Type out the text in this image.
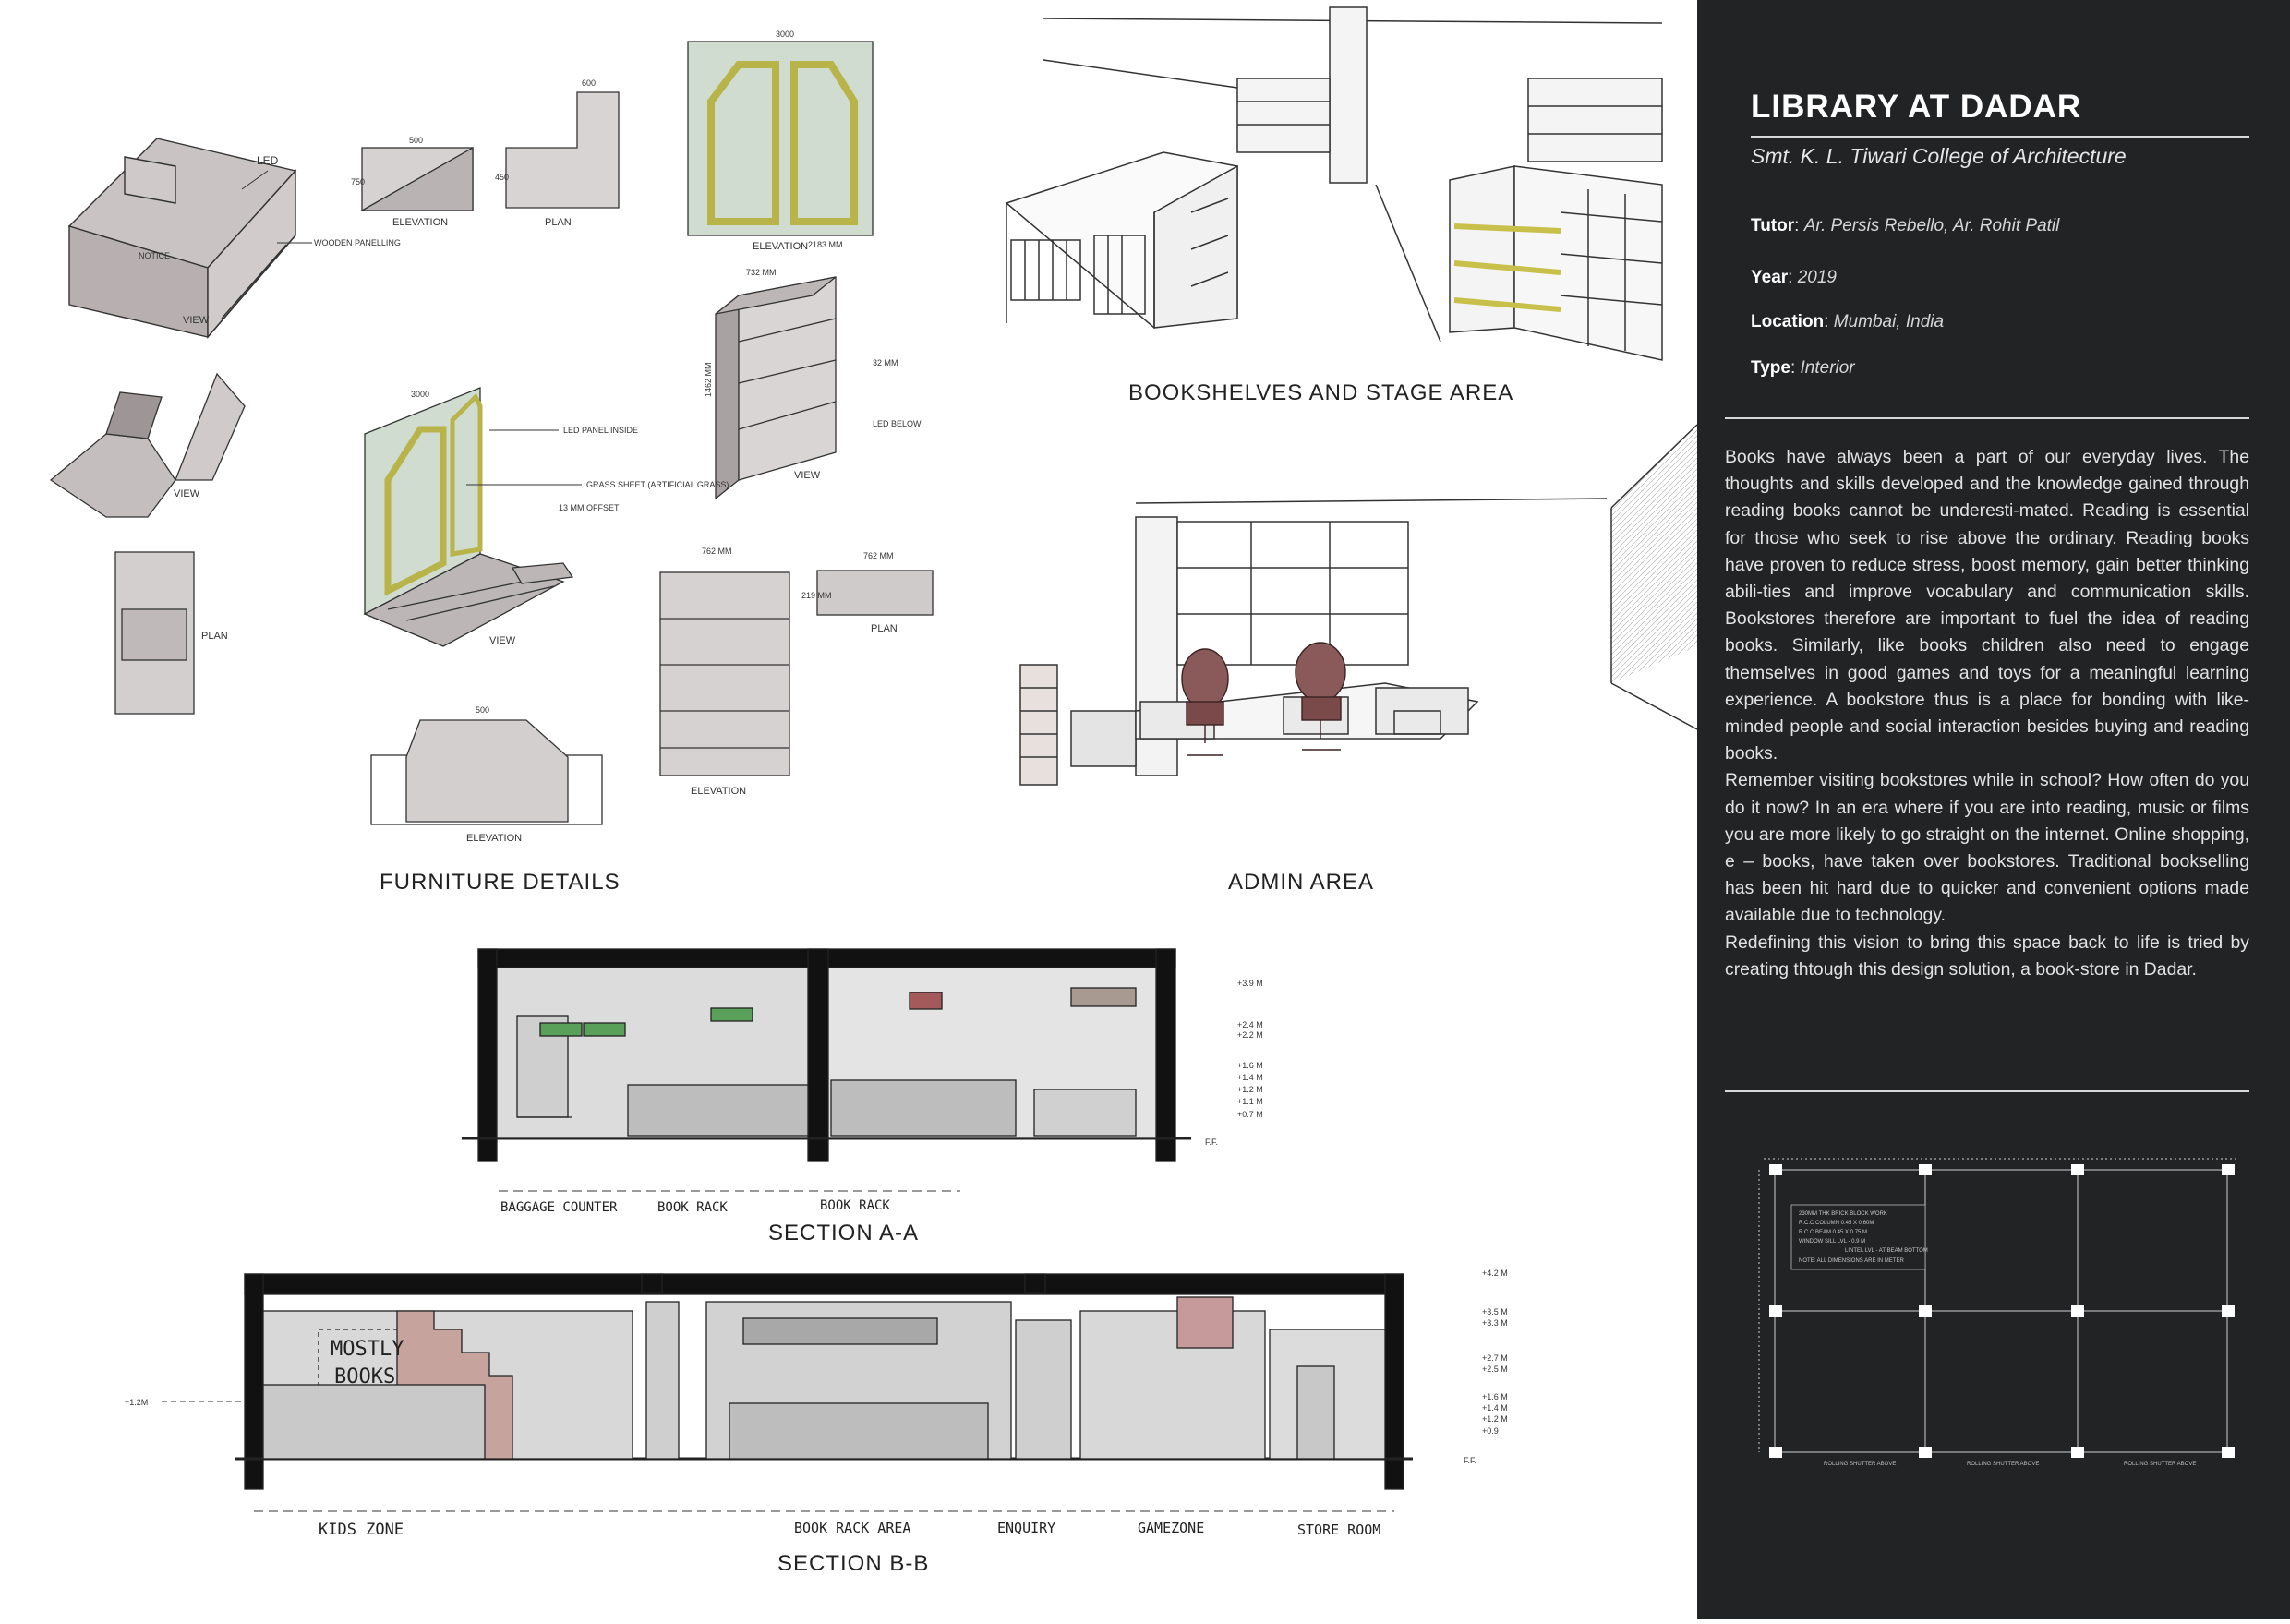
NOTICE
LED
WOODEN PANELLING
VIEW
500
750
ELEVATION
600
450
PLAN
3000
ELEVATION
732 MM
2183 MM
1462 MM	32 MM
LED BELOW
VIEW
VIEW
PLAN
3000
LED PANEL INSIDE
GRASS SHEET (ARTIFICIAL GRASS)
13 MM OFFSET
VIEW
500
ELEVATION
762 MM
ELEVATION
762 MM
219 MM
PLAN
+3.9 M
+2.4 M
+2.2 M
+1.6 M
+1.4 M
+1.2 M
+1.1 M
+0.7 M
F.F.
BAGGAGE COUNTER	BOOK RACK	BOOK RACK
MOSTLY
BOOKS
+1.2M
+4.2 M
+3.5 M
+3.3 M
+2.7 M
+2.5 M
+1.6 M
+1.4 M
+1.2 M
+0.9
F.F.
KIDS ZONE	BOOK RACK AREA	ENQUIRY	GAMEZONE	STORE ROOM
FURNITURE DETAILS
BOOKSHELVES AND STAGE AREA
ADMIN AREA
SECTION A-A
SECTION B-B
LIBRARY AT DADAR
Smt. K. L. Tiwari College of Architecture
Tutor: Ar. Persis Rebello, Ar. Rohit Patil
Year: 2019
Location: Mumbai, India
Type: Interior

Books have always been a part of our everyday lives. The thoughts and skills developed and the knowledge gained through reading books cannot be underesti-mated. Reading is essential for those who seek to rise above the ordinary. Reading books have proven to reduce stress, boost memory, gain better thinking abili-ties and improve vocabulary and communication skills. Bookstores therefore are important to fuel the idea of reading books. Similarly, like books children also need to engage themselves in good games and toys for a meaningful learning experience. A bookstore thus is a place for bonding with like-minded people and social interaction besides buying and reading books.

Remember visiting bookstores while in school? How often do you do it now? In an era where if you are into reading, music or films you are more likely to go straight on the internet. Online shopping, e – books, have taken over bookstores. Traditional bookselling has been hit hard due to quicker and convenient options made available due to technology.

Redefining this vision to bring this space back to life is tried by creating thtough this design solution, a book-store in Dadar.

230MM THK BRICK BLOCK WORK
R.C.C COLUMN 0.45 X 0.60M
R.C.C BEAM 0.45 X 0.75 M
WINDOW SILL LVL - 0.9 M
LINTEL LVL - AT BEAM BOTTOM
NOTE: ALL DIMENSIONS ARE IN METER
ROLLING SHUTTER ABOVE	ROLLING SHUTTER ABOVE	ROLLING SHUTTER ABOVE
